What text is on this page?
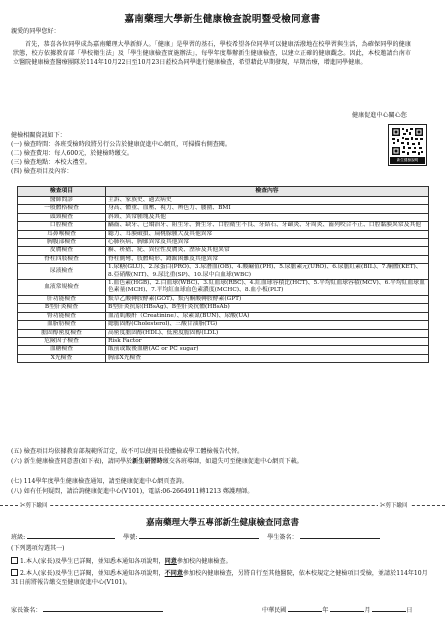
嘉南藥理大學新生健康檢查說明暨受檢同意書
親愛的同學您好：
首先，恭喜各位同學成為嘉南藥理大學新鮮人。「健康」是學習的基石，學校希望各位同學可以健康活潑地在校學習與生活，為確保同學的健康狀態，校方依據教育部「學校衛生法」及「學生健康檢查實施辦法」，每學年度舉辦新生健康檢查，以建立正確的健康觀念。因此，本校邀請台南市立醫院健康檢查醫療團隊於114年10月22日至10月23日蒞校為同學進行健康檢查，希望藉此早期發現，早期治療，增進同學健康。
健康促進中心關心您
健檢相關資訊如下：
(一) 檢查時間：各班受檢時段將另行公告於健康促進中心網頁，可掃描右側查閱。
(二) 檢查費用：每人600元，於健檢時繳交。
(三) 檢查地點：本校大禮堂。
(四) 檢查項目及內容：
新生健檢說明
檢查項目	檢查內容
醫師問診	主訴、家族史、過去病史
一般體格檢查	身高、體重、血壓、視力、辨色力、腰圍、BMI
頭頸檢查	斜頸、異常腫塊及其他
口腔檢查	齲齒、缺牙、已矯治牙、阻生牙、贅生牙、口腔衛生不良、牙結石、牙齦炎、牙周炎、齒列咬合不正、口腔黏膜異常及其他
耳鼻喉檢查	聽力、耳膜破損、扁桃腺腫大及其他異常
胸腹部檢查	心肺疾病、胸廓異常及其他異常
皮膚檢查	癬、疥瘡、疣、異位性皮膚炎、溼疹及其他異常
脊柱四肢檢查	脊柱側彎、肢體畸形、蹲踞困難及其他異常
尿液檢查	1.尿糖(GLU)、2.尿蛋白(PRO)、3.尿潛血(OB)、4.酸鹼值(PH)、5.尿膽素元(URO)、6.尿膽紅素(BIL)、7.酮體(KET)、8.亞硝酸(NIT)、9.尿比重(SP)、10.尿中白血球(WBC)
血液常規檢查	1.血色素(HGB)、2.白血球(WBC)、3.紅血球(RBC)、4.紅血球容積比(HCT)、5.平均紅血球容積(MCV)、6.平均紅血球血色素量(MCH)、7.平均紅血球血色素濃度(MCHC)、8.血小板(PLT)
肝功能檢查	麩草乙酸轉胺酵素(GOT)、麩丙酮酸轉胺酵素(GPT)
B型肝炎檢查	B型肝炎抗原(HBsAg)、B型肝炎抗體(HBsAb)
腎功能檢查	血清肌酸酐（Creatinine）、尿素氮(BUN)、尿酸(UA)
血脂肪檢查	總膽固醇(Cholesterol)、三酸甘油脂(TG)
膽固醇密度檢查	高密度膽固醇(HDL)、低密度膽固醇(LDL)
危險因子檢查	Risk Factor
血糖檢查	飯前或飯後血糖(AC or PC sugar)
X光檢查	胸部X光檢查
(五) 檢查項目均依據教育部規範所訂定，故不可以使用長役體檢或學工體檢報告代替。
(六) 新生健康檢查同意書(如下表)，請同學於新生研習時繳交各班導師，如遺失可至健康促進中心網頁下載。
(七) 114學年度學生健康檢查通知，請至健康促進中心網頁查詢。
(八) 如有任何疑問，請洽詢健康促進中心(V101)，電話:06-2664911轉1213 鄭護理師。
✂剪下繳回	✂剪下繳回
嘉南藥理大學五專部新生健康檢查同意書
班級:	學號:	學生簽名：
(下列選項勾選其一)
1.本人(家長)及學生已詳閱，並知悉本通知各項說明，同意參加校內健康檢查。
2.本人(家長)及學生已詳閱，並知悉本通知各項說明，不同意參加校內健康檢查，另將自行至其他醫院，依本校規定之健檢項目受檢，並請於114年10月31日前將報告繳交至健康促進中心(V101)。
家長簽名：	中華民國	年	月	日
